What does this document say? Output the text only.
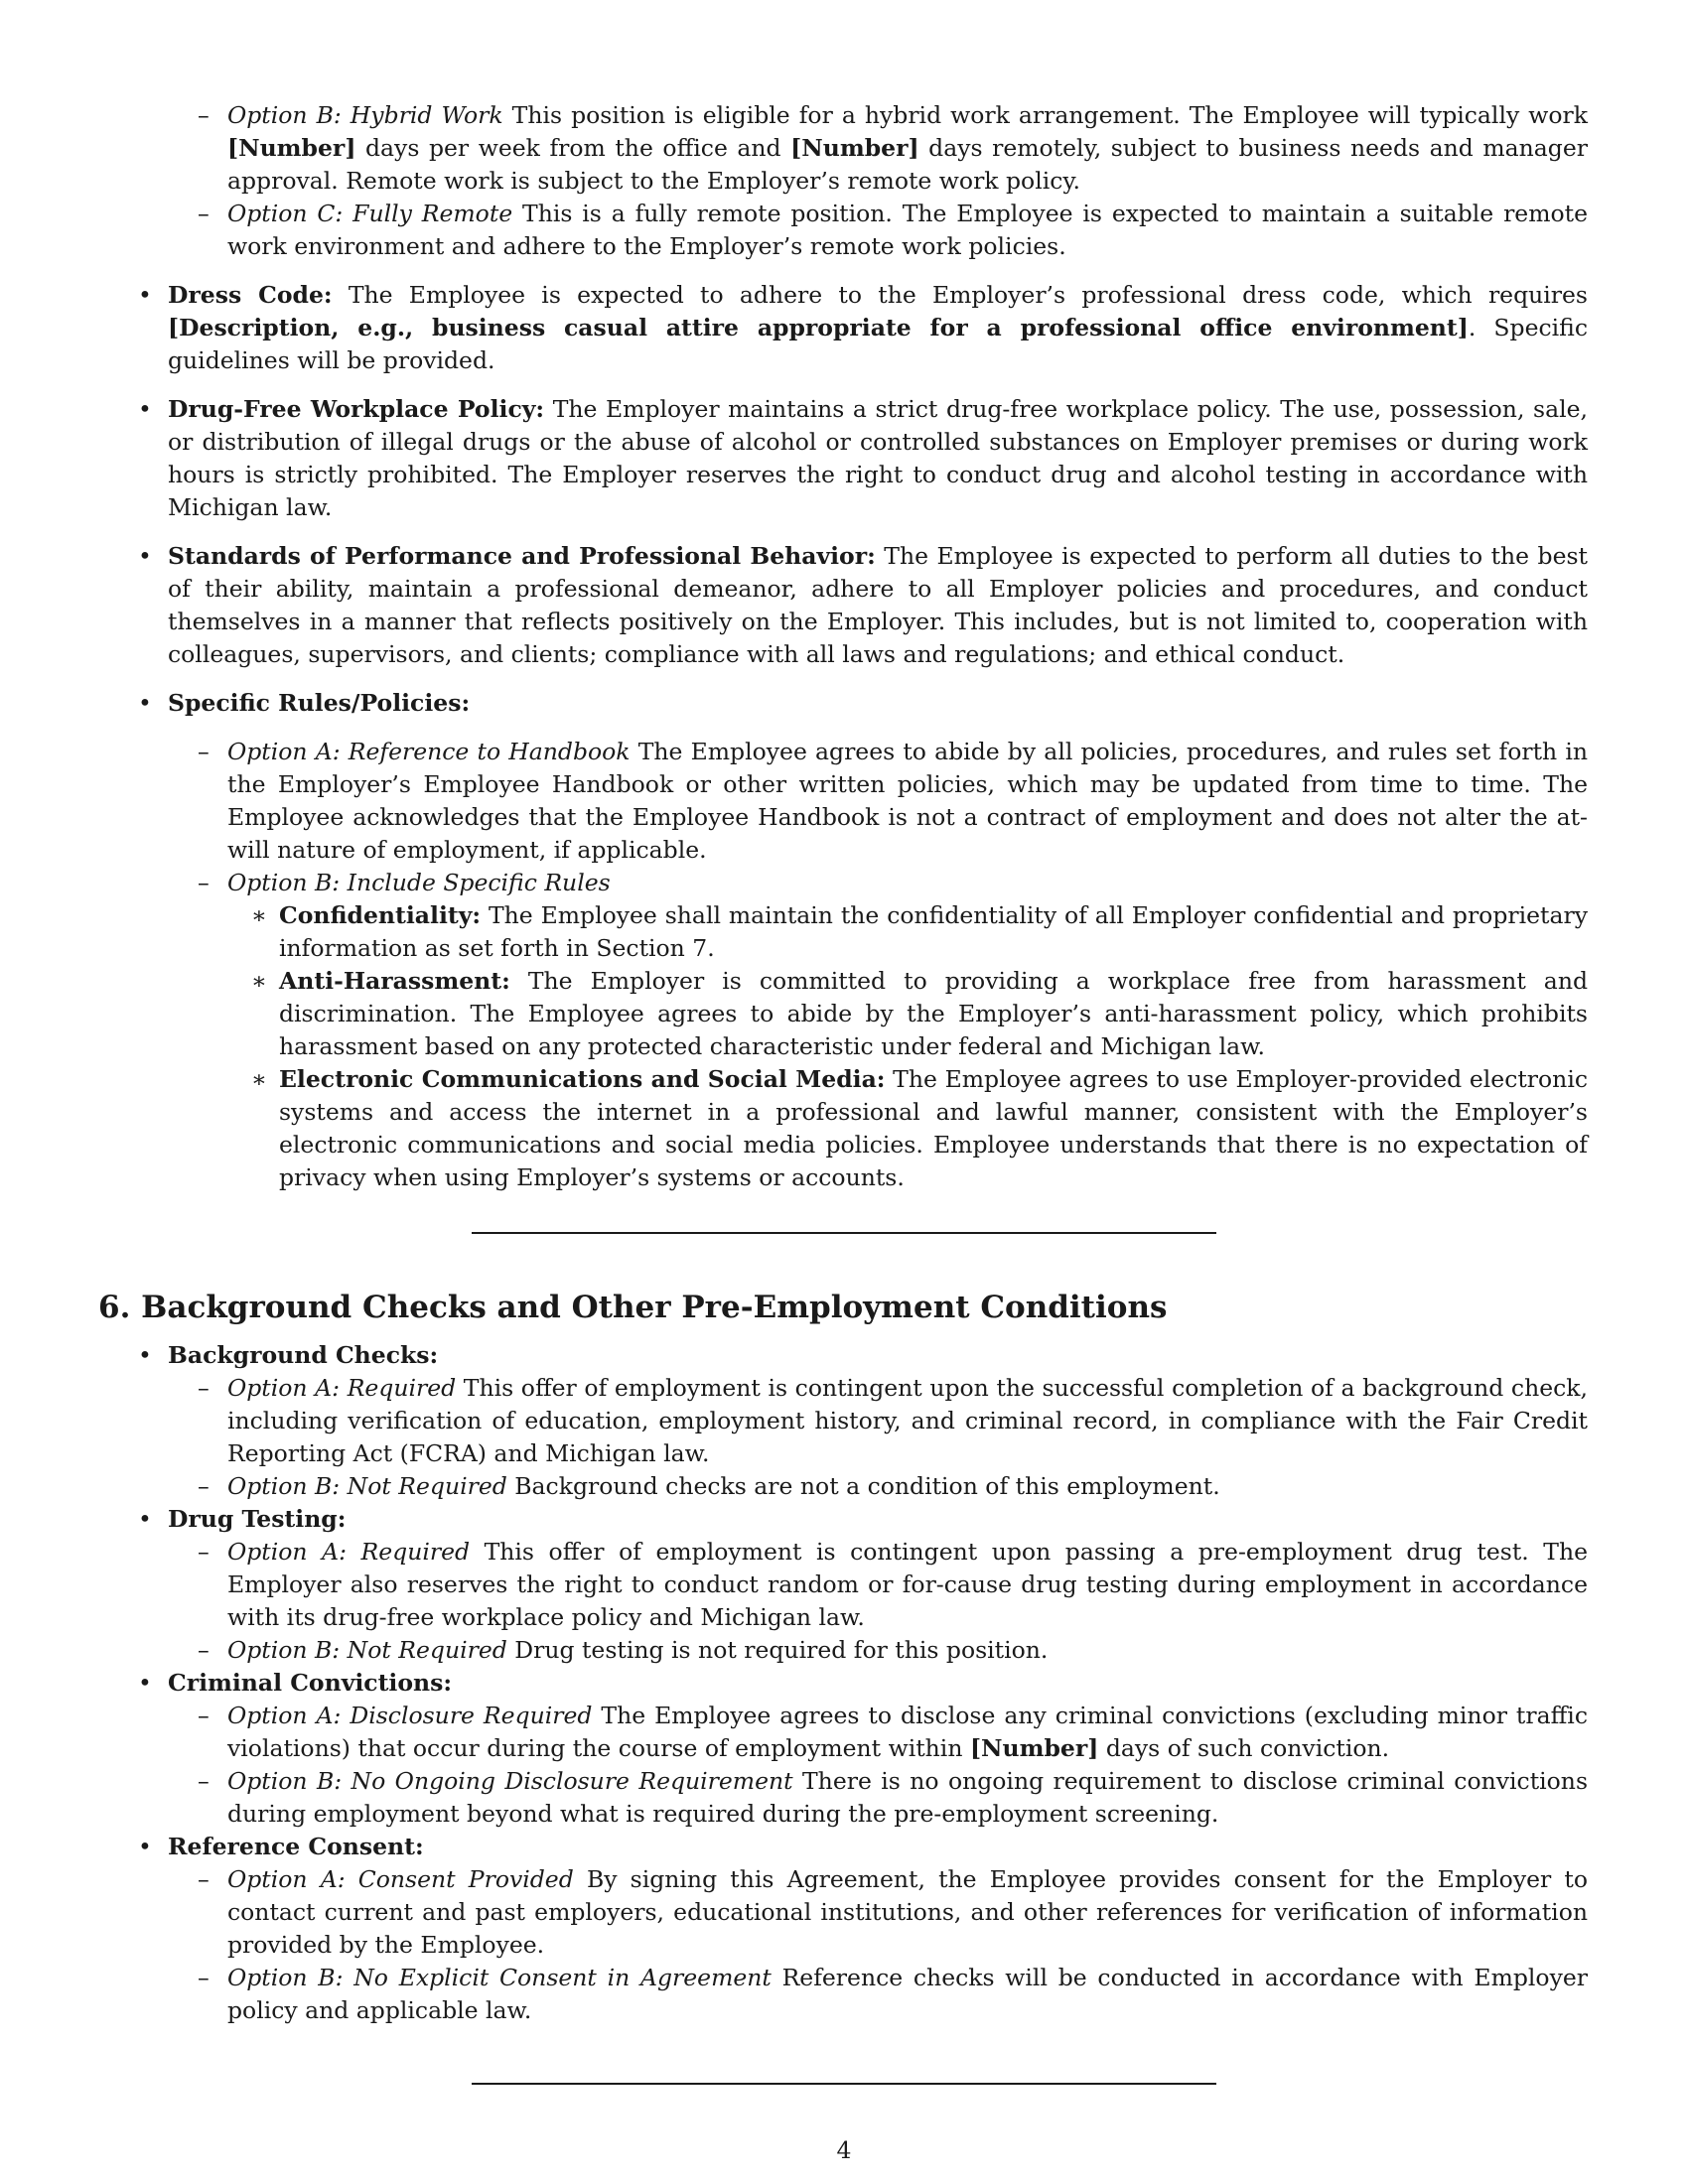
– Option B: Hybrid Work This position is eligible for a hybrid work arrangement. The Employee will typically work [Number] days per week from the office and [Number] days remotely, subject to business needs and manager approval. Remote work is subject to the Employer’s remote work policy.

– Option C: Fully Remote This is a fully remote position. The Employee is expected to maintain a suitable remote work environment and adhere to the Employer’s remote work policies.

• Dress Code: The Employee is expected to adhere to the Employer’s professional dress code, which requires [Description, e.g., business casual attire appropriate for a professional office environment]. Specific guidelines will be provided.

• Drug-Free Workplace Policy: The Employer maintains a strict drug-free workplace policy. The use, possession, sale, or distribution of illegal drugs or the abuse of alcohol or controlled substances on Employer premises or during work hours is strictly prohibited. The Employer reserves the right to conduct drug and alcohol testing in accordance with Michigan law.

• Standards of Performance and Professional Behavior: The Employee is expected to perform all duties to the best of their ability, maintain a professional demeanor, adhere to all Employer policies and procedures, and conduct themselves in a manner that reflects positively on the Employer. This includes, but is not limited to, cooperation with colleagues, supervisors, and clients; compliance with all laws and regulations; and ethical conduct.

• Specific Rules/Policies:

– Option A: Reference to Handbook The Employee agrees to abide by all policies, procedures, and rules set forth in the Employer’s Employee Handbook or other written policies, which may be updated from time to time. The Employee acknowledges that the Employee Handbook is not a contract of employment and does not alter the at-will nature of employment, if applicable.

– Option B: Include Specific Rules

∗ Confidentiality: The Employee shall maintain the confidentiality of all Employer confidential and proprietary information as set forth in Section 7.

∗ Anti-Harassment: The Employer is committed to providing a workplace free from harassment and discrimination. The Employee agrees to abide by the Employer’s anti-harassment policy, which prohibits harassment based on any protected characteristic under federal and Michigan law.

∗ Electronic Communications and Social Media: The Employee agrees to use Employer-provided electronic systems and access the internet in a professional and lawful manner, consistent with the Employer’s electronic communications and social media policies. Employee understands that there is no expectation of privacy when using Employer’s systems or accounts.

6. Background Checks and Other Pre-Employment Conditions
• Background Checks:

– Option A: Required This offer of employment is contingent upon the successful completion of a background check, including verification of education, employment history, and criminal record, in compliance with the Fair Credit Reporting Act (FCRA) and Michigan law.

– Option B: Not Required Background checks are not a condition of this employment.

• Drug Testing:

– Option A: Required This offer of employment is contingent upon passing a pre-employment drug test. The Employer also reserves the right to conduct random or for-cause drug testing during employment in accordance with its drug-free workplace policy and Michigan law.

– Option B: Not Required Drug testing is not required for this position.

• Criminal Convictions:

– Option A: Disclosure Required The Employee agrees to disclose any criminal convictions (excluding minor traffic violations) that occur during the course of employment within [Number] days of such conviction.

– Option B: No Ongoing Disclosure Requirement There is no ongoing requirement to disclose criminal convictions during employment beyond what is required during the pre-employment screening.

• Reference Consent:

– Option A: Consent Provided By signing this Agreement, the Employee provides consent for the Employer to contact current and past employers, educational institutions, and other references for verification of information provided by the Employee.

– Option B: No Explicit Consent in Agreement Reference checks will be conducted in accordance with Employer policy and applicable law.

4
